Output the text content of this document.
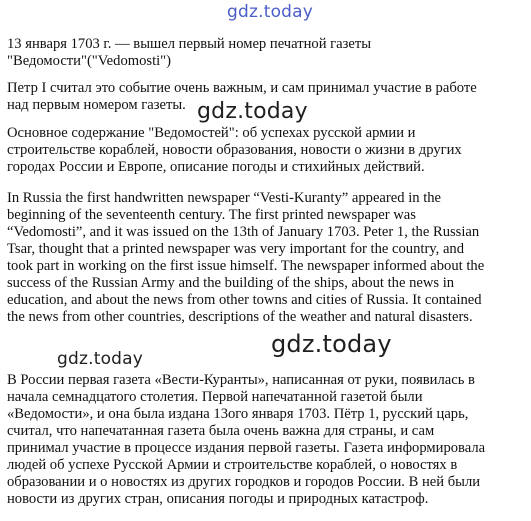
gdz.today
13 января 1703 г. — вышел первый номер печатной газеты
"Ведомости"("Vedomosti")
Петр I считал это событие очень важным, и сам принимал участие в работе
над первым номером газеты. gdz.today
Основное содержание "Ведомостей": об успехах русской армии и
строительстве кораблей, новости образования, новости о жизни в других
городах России и Европе, описание погоды и стихийных действий.
In Russia the first handwritten newspaper “Vesti-Kuranty” appeared in the
beginning of the seventeenth century. The first printed newspaper was
“Vedomosti”, and it was issued on the 13th of January 1703. Peter 1, the Russian
Tsar, thought that a printed newspaper was very important for the country, and
took part in working on the first issue himself. The newspaper informed about the
success of the Russian Army and the building of the ships, about the news in
education, and about the news from other towns and cities of Russia. It contained
the news from other countries, descriptions of the weather and natural disasters.
gdz.today
gdz.today
В России первая газета «Вести-Куранты», написанная от руки, появилась в
начала семнадцатого столетия. Первой напечатанной газетой были
«Ведомости», и она была издана 13ого января 1703. Пётр 1, русский царь,
считал, что напечатанная газета была очень важна для страны, и сам
принимал участие в процессе издания первой газеты. Газета информировала
людей об успехе Русской Армии и строительстве кораблей, о новостях в
образовании и о новостях из других городков и городов России. В ней были
новости из других стран, описания погоды и природных катастроф.
